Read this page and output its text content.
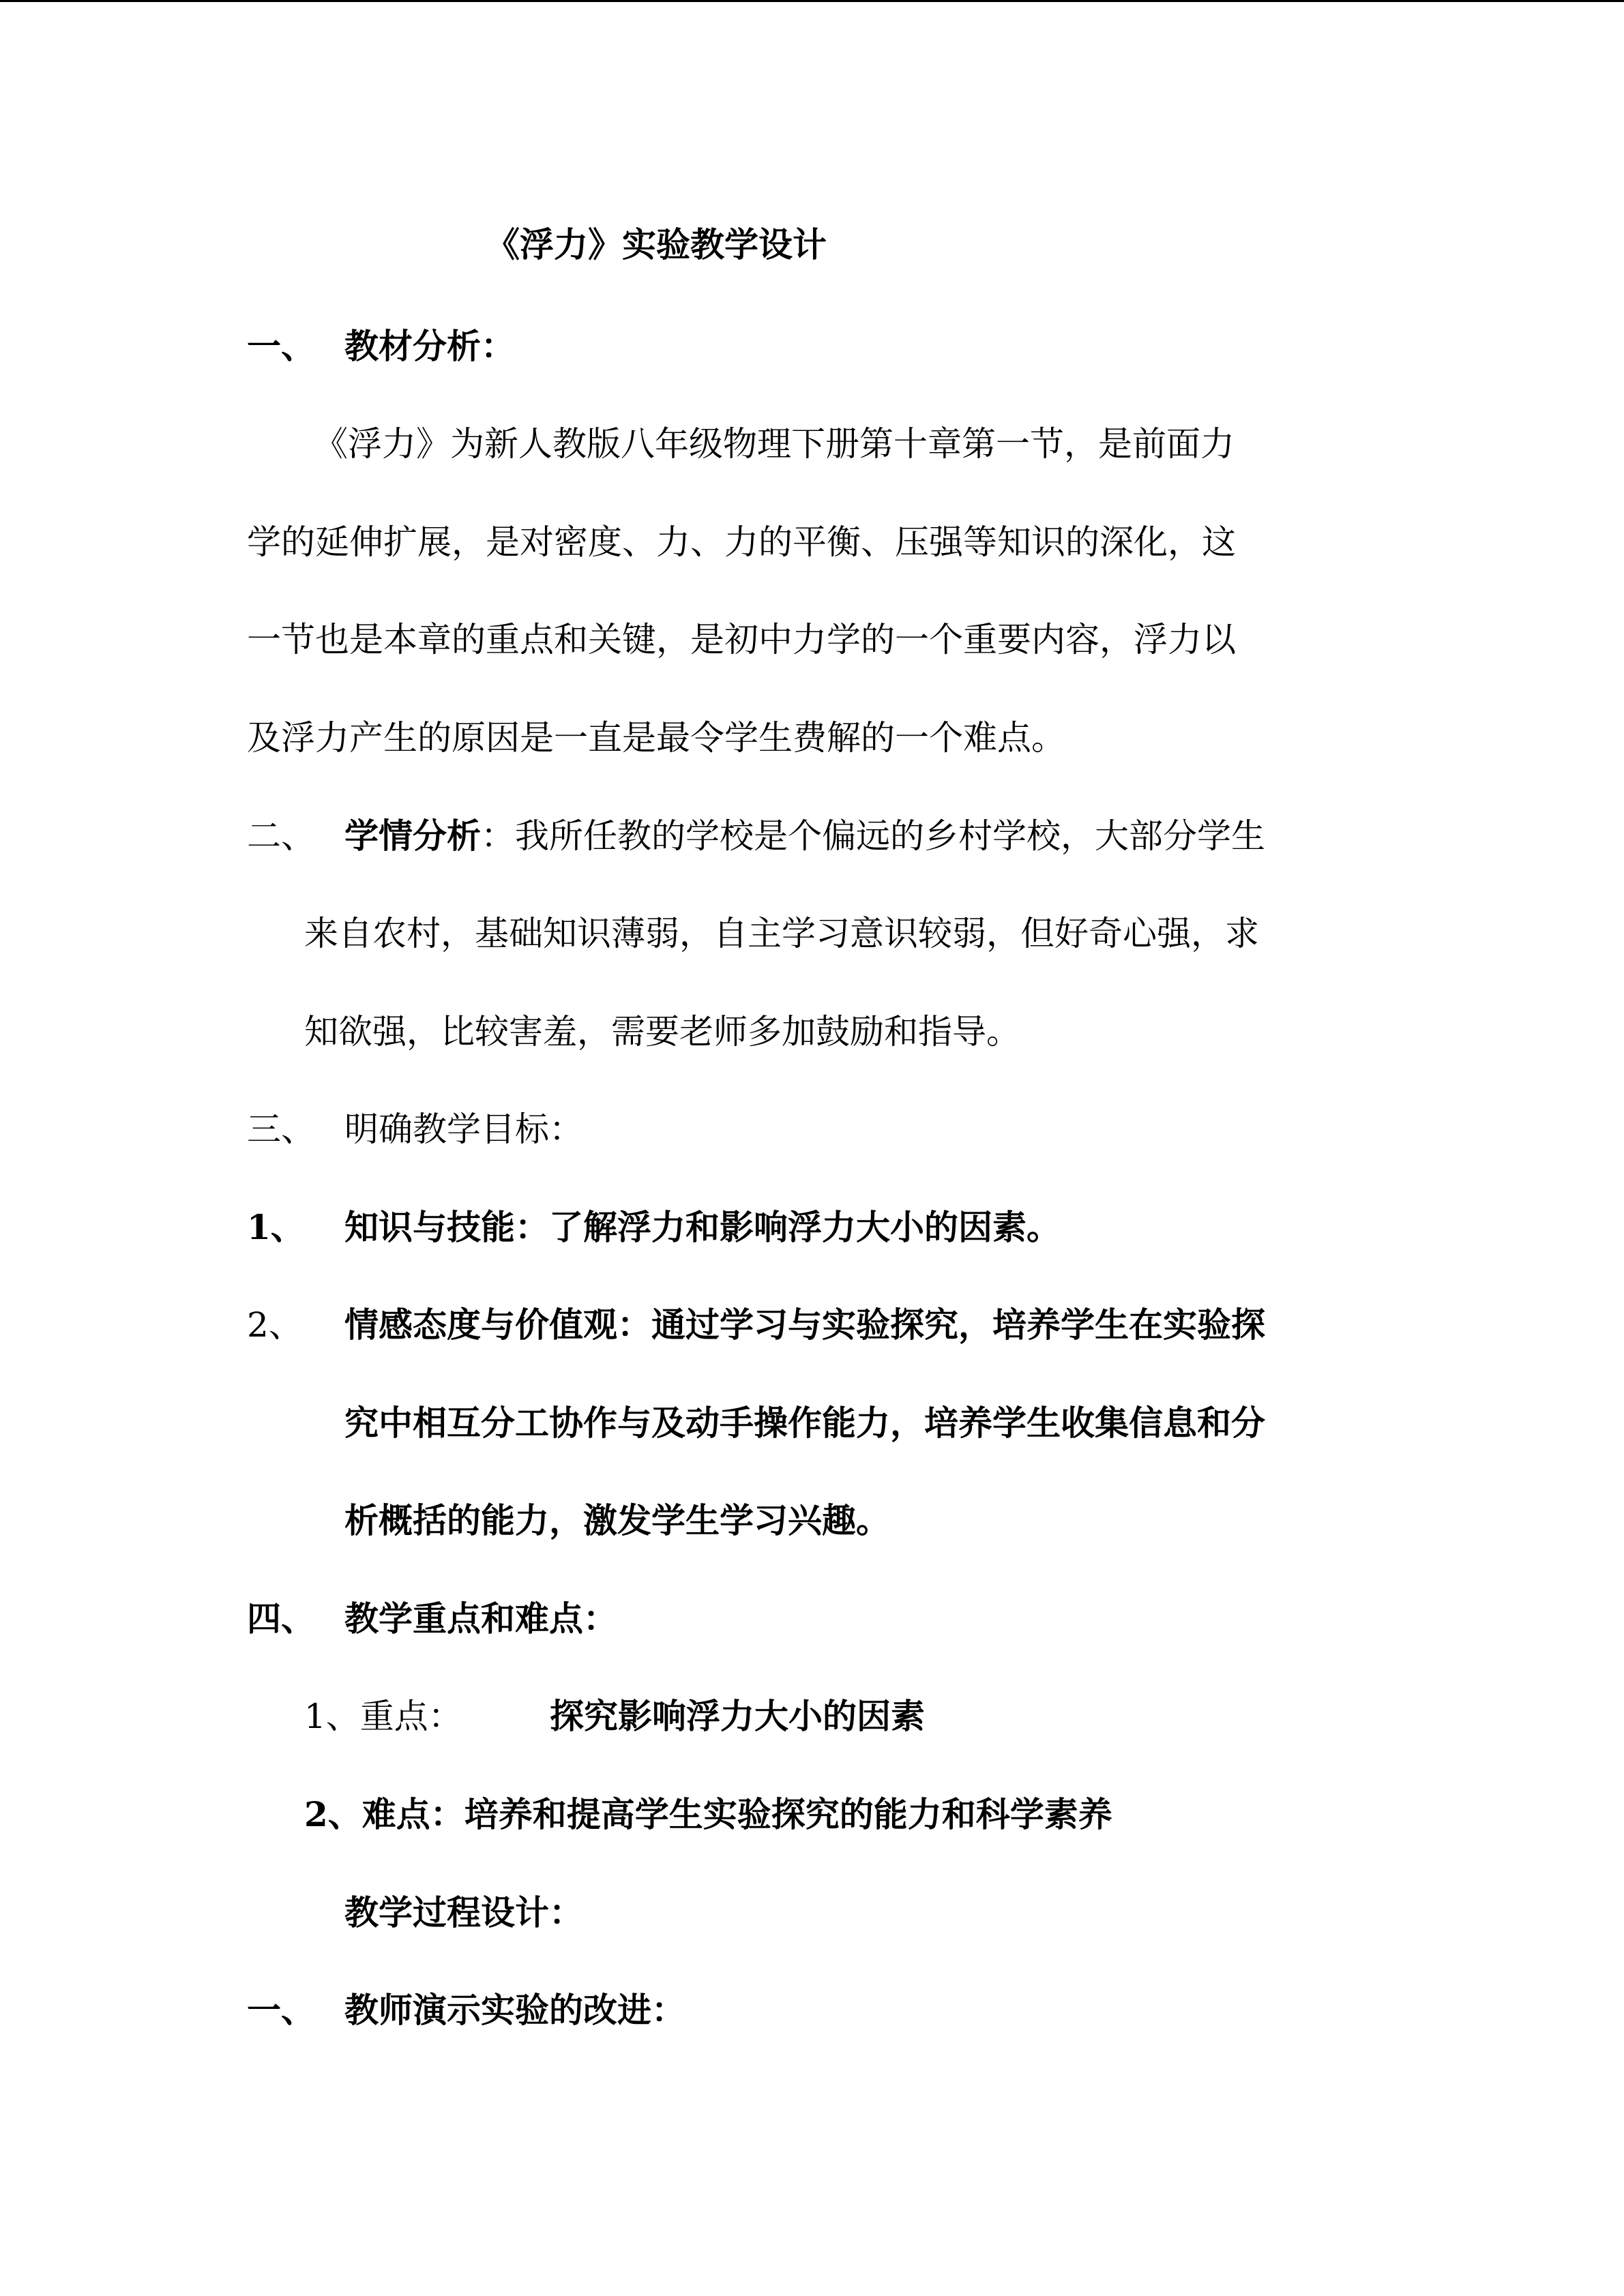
《浮力》实验教学设计
一、 教材分析：
《浮力》为新人教版八年级物理下册第十章第一节，是前面力
学的延伸扩展，是对密度、力、力的平衡、压强等知识的深化，这
一节也是本章的重点和关键，是初中力学的一个重要内容，浮力以
及浮力产生的原因是一直是最令学生费解的一个难点。
二、 学情分析：我所任教的学校是个偏远的乡村学校，大部分学生
来自农村，基础知识薄弱，自主学习意识较弱，但好奇心强，求
知欲强，比较害羞，需要老师多加鼓励和指导。
三、 明确教学目标：
1、 知识与技能：了解浮力和影响浮力大小的因素。
2、 情感态度与价值观：通过学习与实验探究，培养学生在实验探
究中相互分工协作与及动手操作能力，培养学生收集信息和分
析概括的能力，激发学生学习兴趣。
四、 教学重点和难点：
1、重点：	探究影响浮力大小的因素
2、难点：培养和提高学生实验探究的能力和科学素养
教学过程设计：
一、 教师演示实验的改进：
